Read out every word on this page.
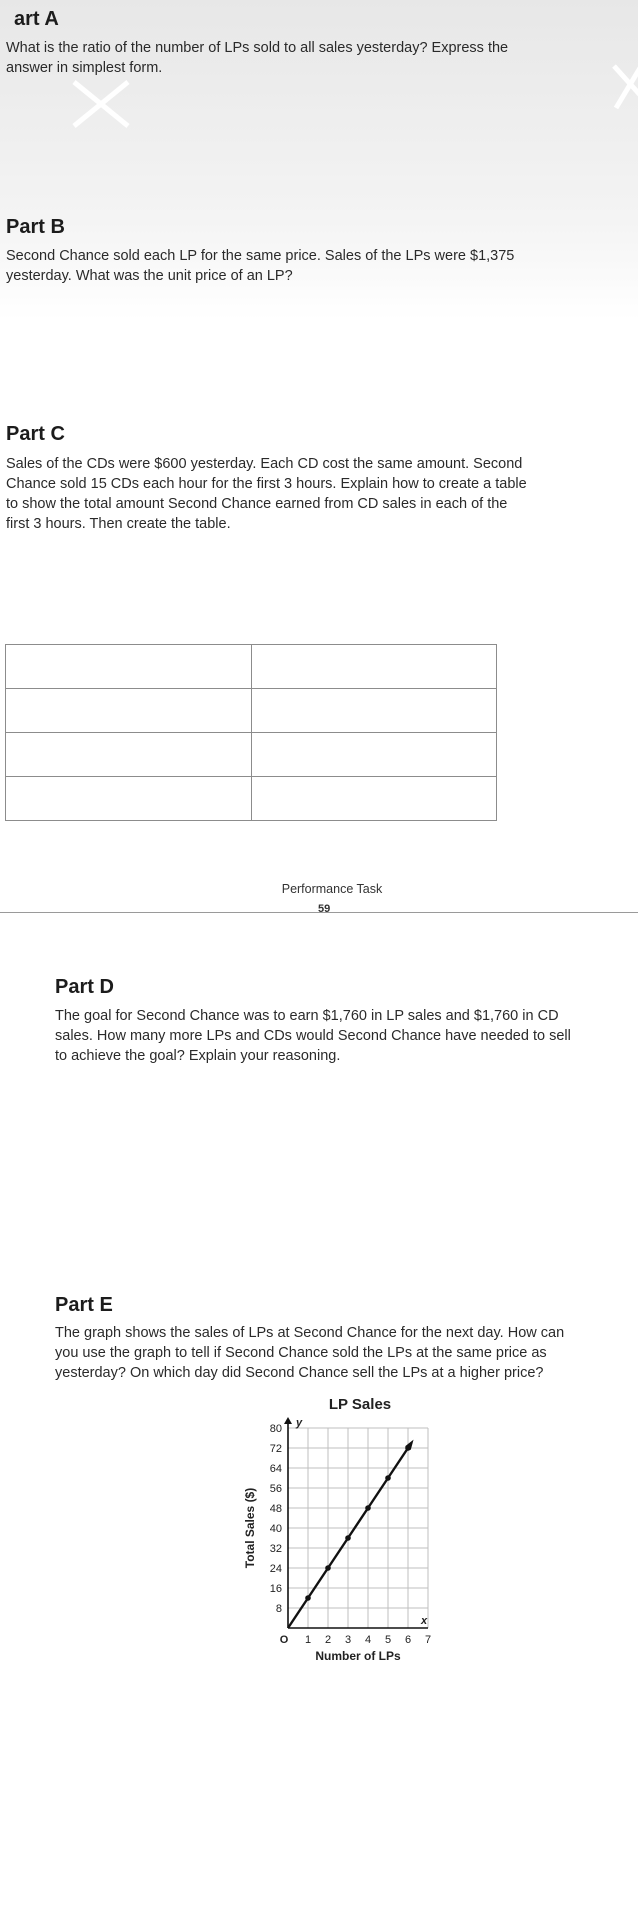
art A

What is the ratio of the number of LPs sold to all sales yesterday? Express the

answer in simplest form.

Part B

Second Chance sold each LP for the same price. Sales of the LPs were $1,375

yesterday. What was the unit price of an LP?

Part C

Sales of the CDs were $600 yesterday. Each CD cost the same amount. Second

Chance sold 15 CDs each hour for the first 3 hours. Explain how to create a table

to show the total amount Second Chance earned from CD sales in each of the

first 3 hours. Then create the table.

Performance Task
59
Part D

The goal for Second Chance was to earn $1,760 in LP sales and $1,760 in CD

sales. How many more LPs and CDs would Second Chance have needed to sell

to achieve the goal? Explain your reasoning.

Part E

The graph shows the sales of LPs at Second Chance for the next day. How can

you use the graph to tell if Second Chance sold the LPs at the same price as

yesterday? On which day did Second Chance sell the LPs at a higher price?

LP Sales
8
16
24
32
40
48
56
64
72
80
1 2 3 4 5 6 7
O
y
x
Number of LPs
Total Sales ($)
